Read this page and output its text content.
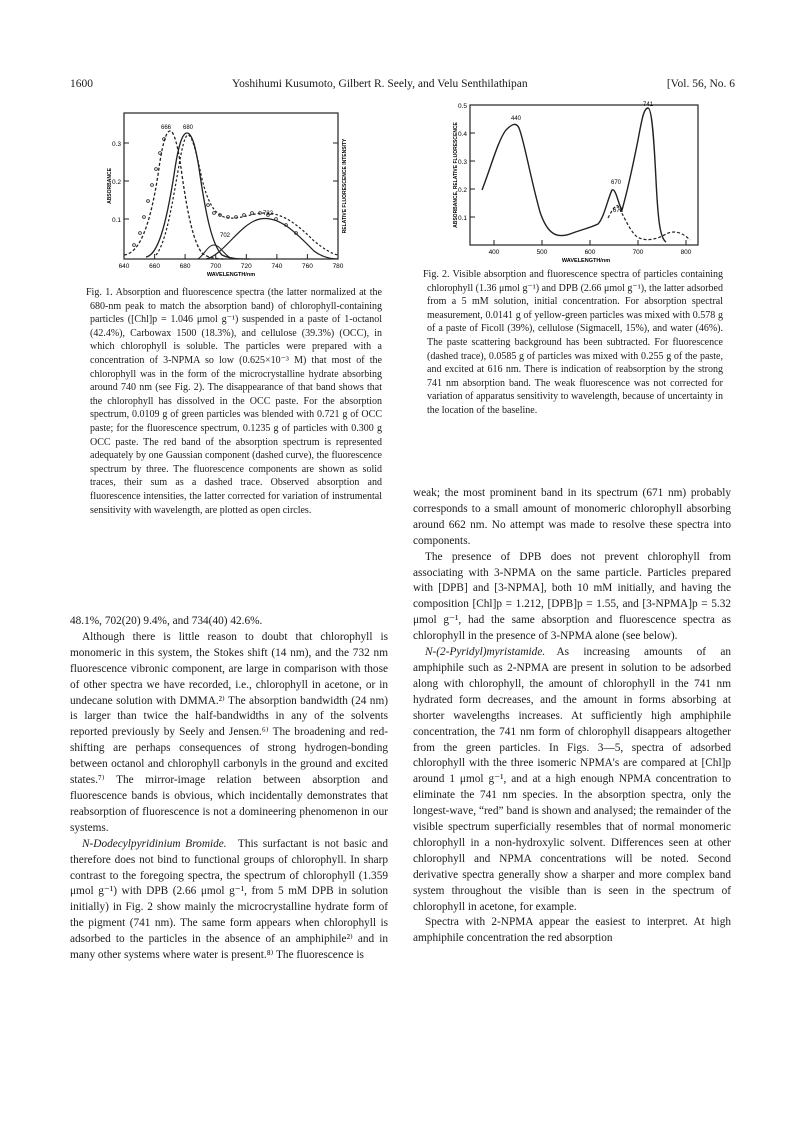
1600	Yoshihumi Kusumoto, Gilbert R. Seely, and Velu Senthilathipan	[Vol. 56, No. 6
0.3
0.2
0.1
640	660	680	700	720	740	760	780
WAVELENGTH/nm
ABSORBANCE	RELATIVE FLUORESCENCE INTENSITY
666 680
702
732
Fig. 1. Absorption and fluorescence spectra (the latter normalized at the 680-nm peak to match the absorption band) of chlorophyll-containing particles ([Chl]p = 1.046 μmol g⁻¹) suspended in a paste of 1-octanol (42.4%), Carbowax 1500 (18.3%), and cellulose (39.3%) (OCC), in which chlorophyll is soluble. The particles were prepared with a concentration of 3-NPMA so low (0.625×10⁻³ M) that most of the chlorophyll was in the form of the microcrystalline hydrate absorbing around 740 nm (see Fig. 2). The disappearance of that band shows that the chlorophyll has dissolved in the OCC paste. For the absorption spectrum, 0.0109 g of green particles was blended with 0.721 g of OCC paste; for the fluorescence spectrum, 0.1235 g of particles with 0.300 g OCC paste. The red band of the absorption spectrum is represented adequately by one Gaussian component (dashed curve), the fluorescence spectrum by three. The fluorescence components are shown as solid traces, their sum as a dashed trace. Observed absorption and fluorescence intensities, the latter corrected for variation of instrumental sensitivity with wavelength, are plotted as open circles.
0.5
0.4
0.3
0.2
0.1
400	500	600	700	800
WAVELENGTH/nm
ABSORBANCE, RELATIVE FLUORESCENCE
440
741
670
671
Fig. 2. Visible absorption and fluorescence spectra of particles containing chlorophyll (1.36 μmol g⁻¹) and DPB (2.66 μmol g⁻¹), the latter adsorbed from a 5 mM solution, initial concentration. For absorption spectral measurement, 0.0141 g of yellow-green particles was mixed with 0.578 g of a paste of Ficoll (39%), cellulose (Sigmacell, 15%), and water (46%). The paste scattering background has been subtracted. For fluorescence (dashed trace), 0.0585 g of particles was mixed with 0.255 g of the paste, and excited at 616 nm. There is indication of reabsorption by the strong 741 nm absorption band. The weak fluorescence was not corrected for variation of apparatus sensitivity to wavelength, because of uncertainty in the location of the baseline.

48.1%, 702(20) 9.4%, and 734(40) 42.6%.

Although there is little reason to doubt that chlorophyll is monomeric in this system, the Stokes shift (14 nm), and the 732 nm fluorescence vibronic component, are large in comparison with those of other spectra we have recorded, i.e., chlorophyll in acetone, or in undecane solution with DMMA.²⁾ The absorption bandwidth (24 nm) is larger than twice the half-bandwidths in any of the solvents reported previously by Seely and Jensen.⁶⁾ The broadening and red-shifting are perhaps consequences of strong hydrogen-bonding between octanol and chlorophyll carbonyls in the ground and excited states.⁷⁾ The mirror-image relation between absorption and fluorescence bands is obvious, which incidentally demonstrates that reabsorption of fluorescence is not a domineering phenomenon in our systems.

N-Dodecylpyridinium Bromide.  This surfactant is not basic and therefore does not bind to functional groups of chlorophyll. In sharp contrast to the foregoing spectra, the spectrum of chlorophyll (1.359 μmol g⁻¹) with DPB (2.66 μmol g⁻¹, from 5 mM DPB in solution initially) in Fig. 2 show mainly the microcrystalline hydrate form of the pigment (741 nm). The same form appears when chlorophyll is adsorbed to the particles in the absence of an amphiphile²⁾ and in many other systems where water is present.⁸⁾ The fluorescence is

weak; the most prominent band in its spectrum (671 nm) probably corresponds to a small amount of monomeric chlorophyll absorbing around 662 nm. No attempt was made to resolve these spectra into components.

The presence of DPB does not prevent chlorophyll from associating with 3-NPMA on the same particle. Particles prepared with [DPB] and [3-NPMA], both 10 mM initially, and having the composition [Chl]p = 1.212, [DPB]p = 1.55, and [3-NPMA]p = 5.32 μmol g⁻¹, had the same absorption and fluorescence spectra as chlorophyll in the presence of 3-NPMA alone (see below).

N-(2-Pyridyl)myristamide.  As increasing amounts of an amphiphile such as 2-NPMA are present in solution to be adsorbed along with chlorophyll, the amount of chlorophyll in the 741 nm hydrated form decreases, and the amount in forms absorbing at shorter wavelengths increases. At sufficiently high amphiphile concentration, the 741 nm form of chlorophyll disappears altogether from the green particles. In Figs. 3—5, spectra of adsorbed chlorophyll with the three isomeric NPMA's are compared at [Chl]p around 1 μmol g⁻¹, and at a high enough NPMA concentration to eliminate the 741 nm species. In the absorption spectra, only the longest-wave, “red” band is shown and analysed; the remainder of the visible spectrum superficially resembles that of normal monomeric chlorophyll in a non-hydroxylic solvent. Differences seen at other chlorophyll and NPMA concentrations will be noted. Second derivative spectra generally show a sharper and more complex band system throughout the visible than is seen in the spectrum of chlorophyll in acetone, for example.

Spectra with 2-NPMA appear the easiest to interpret. At high amphiphile concentration the red absorption
